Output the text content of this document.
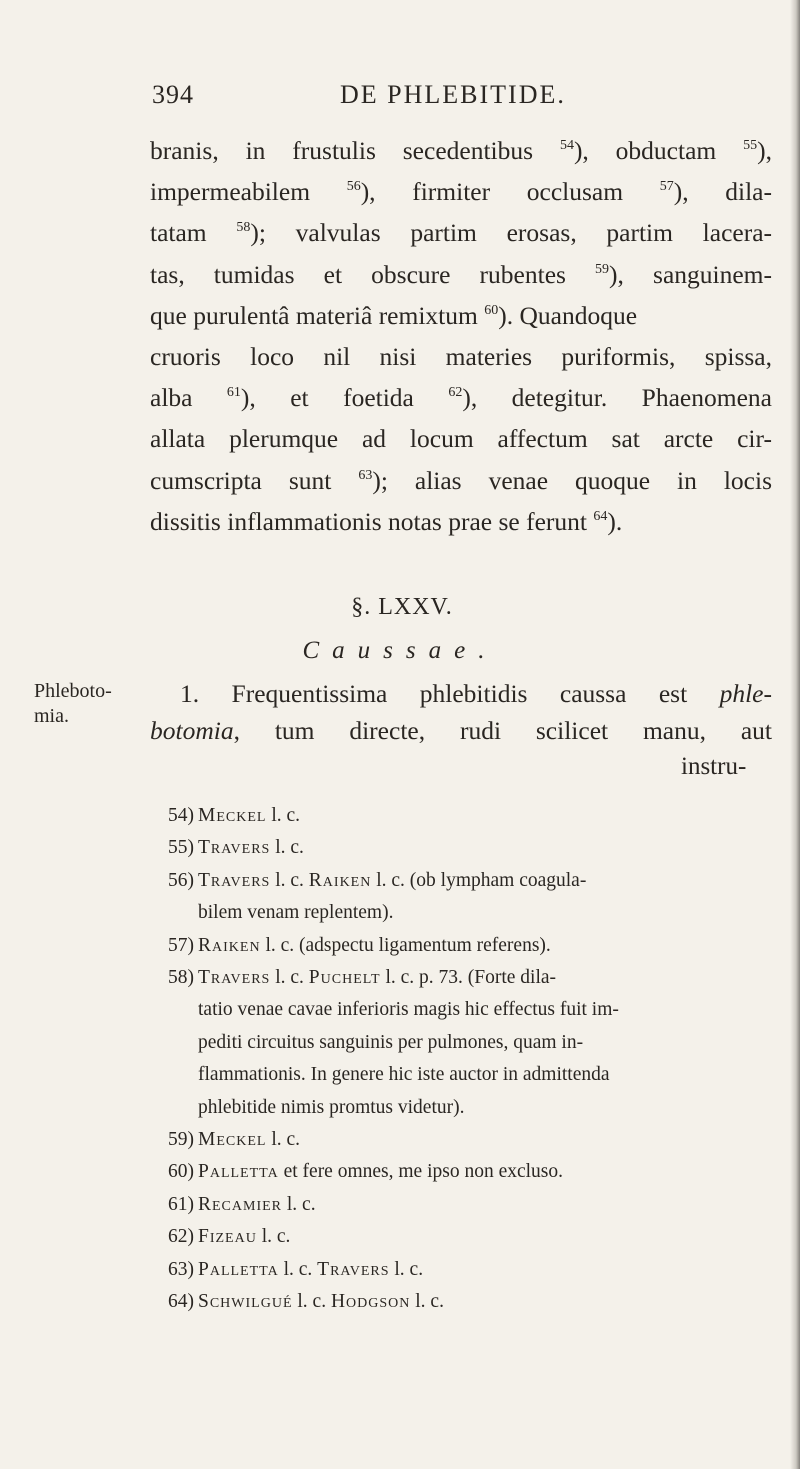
394	DE PHLEBITIDE.
branis, in frustulis secedentibus $^{54}$), obductam $^{55}$),
impermeabilem $^{56}$), firmiter occlusam $^{57}$), dila-
tatam $^{58}$); valvulas partim erosas, partim lacera-
tas, tumidas et obscure rubentes $^{59}$), sanguinem-
que purulentâ materiâ remixtum $^{60}$). Quandoque
cruoris loco nil nisi materies puriformis, spissa,
alba $^{61}$), et foetida $^{62}$), detegitur. Phaenomena
allata plerumque ad locum affectum sat arcte cir-
cumscripta sunt $^{63}$); alias venae quoque in locis
dissitis inflammationis notas prae se ferunt $^{64}$).
§. LXXV.
Caussae.
Phleboto-
mia.
1. Frequentissima phlebitidis caussa est phle-
botomia, tum directe, rudi scilicet manu, aut
instru-
54) Meckel l. c.
55) Travers l. c.
56) Travers l. c. Raiken l. c. (ob lympham coagula-
bilem venam replentem).
57) Raiken l. c. (adspectu ligamentum referens).
58) Travers l. c. Puchelt l. c. p. 73. (Forte dila-
tatio venae cavae inferioris magis hic effectus fuit im-
pediti circuitus sanguinis per pulmones, quam in-
flammationis. In genere hic iste auctor in admittenda
phlebitide nimis promtus videtur).
59) Meckel l. c.
60) Palletta et fere omnes, me ipso non excluso.
61) Recamier l. c.
62) Fizeau l. c.
63) Palletta l. c. Travers l. c.
64) Schwilgué l. c. Hodgson l. c.
